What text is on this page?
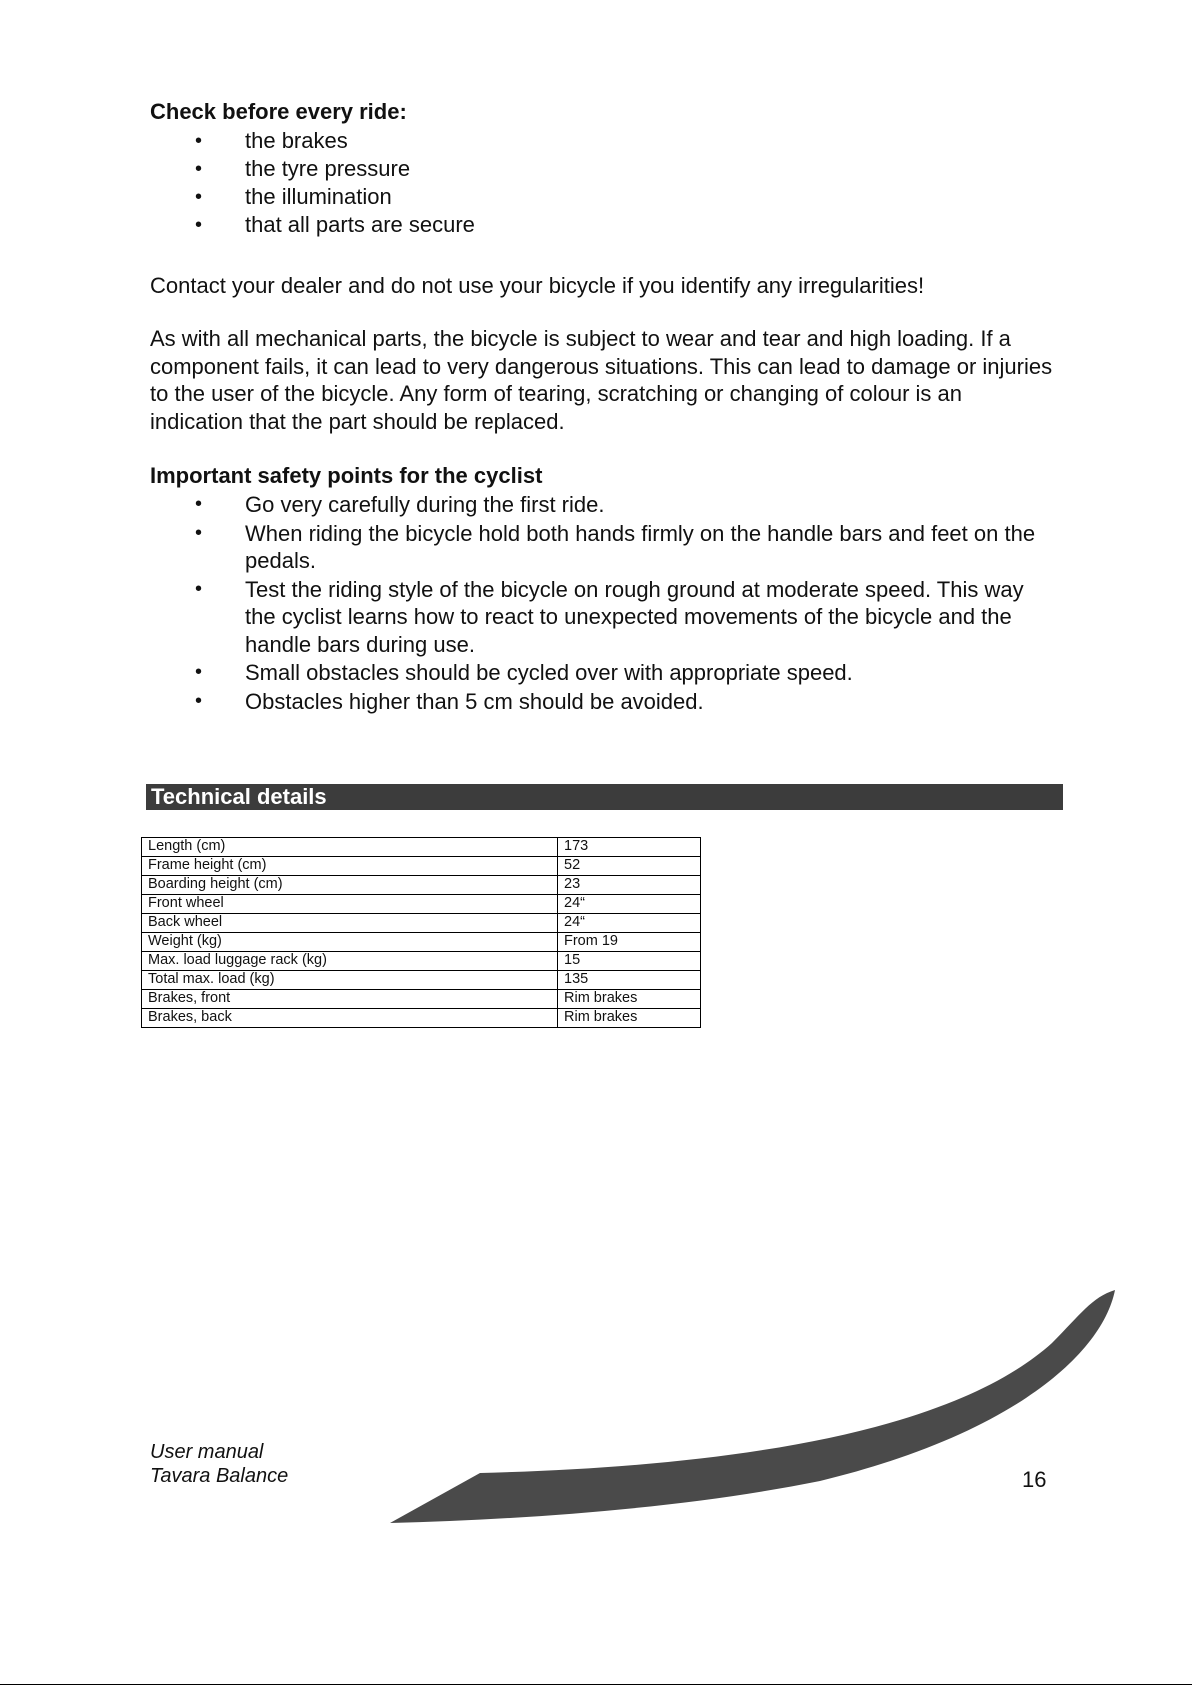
Check before every ride:
• the brakes
• the tyre pressure
• the illumination
• that all parts are secure

Contact your dealer and do not use your bicycle if you identify any irregularities!

As with all mechanical parts, the bicycle is subject to wear and tear and high loading. If a component fails, it can lead to very dangerous situations. This can lead to damage or injuries to the user of the bicycle. Any form of tearing, scratching or changing of colour is an indication that the part should be replaced.

Important safety points for the cyclist
• Go very carefully during the first ride.
• When riding the bicycle hold both hands firmly on the handle bars and feet on the pedals.
• Test the riding style of the bicycle on rough ground at moderate speed. This way the cyclist learns how to react to unexpected movements of the bicycle and the handle bars during use.
• Small obstacles should be cycled over with appropriate speed.
• Obstacles higher than 5 cm should be avoided.
Technical details
Length (cm)	173
Frame height (cm)	52
Boarding height (cm)	23
Front wheel	24“
Back wheel	24“
Weight (kg)	From 19
Max. load luggage rack (kg)	15
Total max. load (kg)	135
Brakes, front	Rim brakes
Brakes, back	Rim brakes
User manual
Tavara Balance	16
